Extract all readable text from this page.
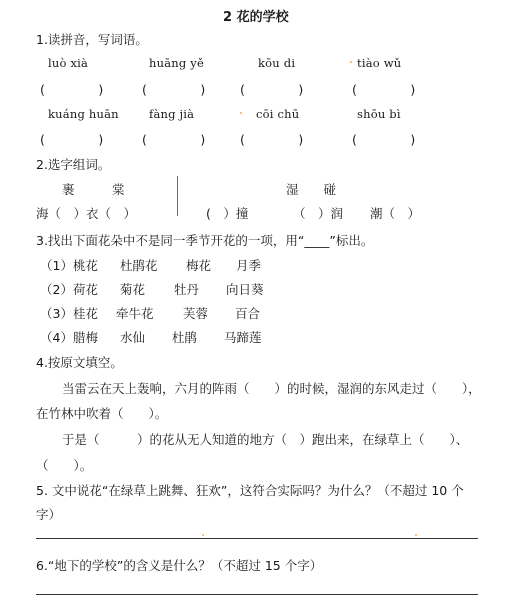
2 花的学校
1.读拼音，写词语。
luò xià	huāng yě	kōu di	tiào wǔ
(　　　)	(　　　) (　　　)	(　　　)
kuáng huān	fàng jià	cōi chū	shōu bì
(　　　)	(　　　) (　　　)	(　　　)
2.选字组词。
裹　　　棠	湿　　碰
海（　）衣（　）	(　）撞	（　）润 潮（　）
3.找出下面花朵中不是同一季节开花的一项，用“____”标出。
（1）桃花 杜鹃花 梅花 月季
（2）荷花 菊花 牡丹 向日葵
（3）桂花 牵牛花 芙蓉 百合
（4）腊梅 水仙 杜鹃 马蹄莲
4.按原文填空。
当雷云在天上轰响，六月的阵雨（　　）的时候，湿润的东风走过（　　），
在竹林中吹着（　　）。
于是（　　　）的花从无人知道的地方（　）跑出来，在绿草上（　　）、
（　　）。
5. 文中说花“在绿草上跳舞、狂欢”，这符合实际吗？为什么？（不超过 10 个
字）
6.“地下的学校”的含义是什么？（不超过 15 个字）
